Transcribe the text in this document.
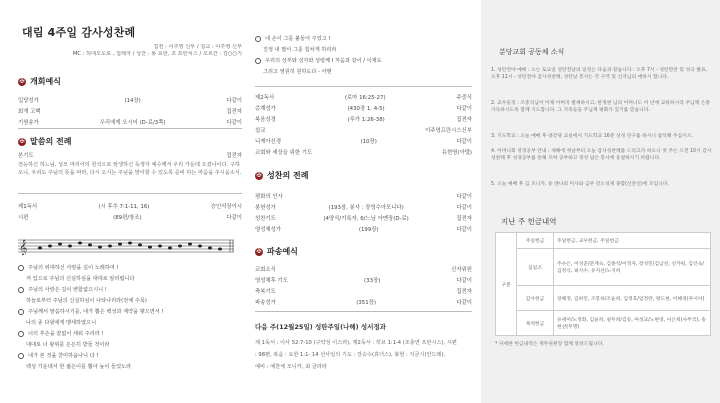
대림 4주일 감사성찬례
집전 : 이주영 신부 / 설교 : 이주영 신부
MC : 허대오도로 , 집례자 / 성찬 : 봉 효한, 조 프란치스 / 오르간 : 김○○기
✠ 개회예식
입당성가	(14장)	다같이
회개 고백	집전자
기원송가	우리에게 오시어 (D-료/3쪽)	다같이
✠ 말씀의 전례
본기도	집전자
전능하신 하느님, 성모 마리아의 원석으로 탄생하신 독생자 예수께서 우리 가운데 오셨나이다. 구하오니, 우리도 주님의 뜻을 따라, 다시 오시는 주님을 맞이할 수 있도록 준비 하는 마음을 주시옵소서.
제1독서	(시 후추 7:1-11, 16)	승인석장이시
시편	(89편/창조)	다같이
𝄞
주님의 위대하신 사랑을 길이 노래하여 !
저 입으로 주님의 신실하심을 대대로 알리렵니다
주님의 사랑은 길이 변함없으시니 !
하늘로부터 주님의 신실하심이 나타나리라(전체 주목)
주님께서 말씀하시기를, 내가 뽑은 백성과 계약을 맺으면서 !
나의 종 다윗에게 맹세하였으니
너의 후손을 끝없이 세워 주리라 !
대대로 너 왕위를 든든히 받들 것이라
내가 본 것을 찬미하옵나니 다 !
백성 가운데서 한 젊은이를 뽑아 높이 들었노라
내 손이 그를 붙들어 주었고 !
진정 내 팔이 그를 힘차게 하리라
우리의 성부와 성자와 성령께 I 처음과 같이 / 이제도
그리고 영원히 원하도다 - 아멘
제2독서	(로마 16:25-27)	주중식
층계성가	(430장 1, 4-5)	다같이
복음성경	(루가 1:26-38)	집전자
설교	이주영프란시스신부
니케아신경	(10장)	다같이
교회와 세상을 위한 기도	유현영(아델)
✠ 성찬의 전례
평화의 인사	다같이
봉헌성가	(193장, 봉사 : 장영수아모니다)	다같이
성찬기도	(4양식/기록자, 6/느님 아멘장(D-료)	집전자
영성체성가	(199장)	다같이
✠ 파송예식
교회소식	신자위원
영성체후 기도	(33장)	다같이
축복기도	집전자
파송성가	(351장)	다같이
다음 주(12월25일) 성탄주일(나해) 성서정과
제 1독서 : 이사 52:7-10 (구약성 이스라), 제2독서 : 히브 1:1-4 (조충연 프란시스), 시편
: 98편, 복음 : 요한 1:1- 14 선사임의 기도 : 강승수(휴녀스), 봉헌 : 지금시(안드레),
예비 : 예찬체 모니카, 최 클라라
분당교회 공동체 소식
1. 성탄전야 예배 : 오는 토요일 성탄전날의 일정은 다음과 같습니다 : 오후 7시 - 성탄만찬 및 성극 발표, 오후 11시 - 성탄전야 감사성찬례, 성탄날 봉사는 각 구역 및 신자님의 에바시 합니다.
2. 교우동정 : 조중식님이 어제 아버지 별세하시고, 한정현 님의 어머니도 이 년에 교류하시라 주님께 은총 가득하시도록 함께 기도합니다. 그 가족들을 주님께 평화가 있기를 믿습니다.
3. 기도학교 : 오늘 예배 후 대강당 교실에서 기도학교 16분 성경 연구를 하시니 참석해 주십시오.
4. 어머니회 성경공부 안내 : 새해에 첫날부터 오늘 감사성찬례를 드리고자 하오니 첫 주는 오전 10시 감사성찬례 후 성경공부를 통해 모여 공부하고 정성 담은 봉사에 동참하시기 바랍니다.
5. 오늘 예배 후 김 모니카, 송 엔나의 미사와 금주 강소성제 종합(신문선)에 모입니다.
지난 주 헌금내역
구분	주일헌금	주일헌금, 교우헌금, 주일헌금
	십일조	주수은, 어성준/문계숙, 김종석/이정자, 장성민/김남선, 신카워, 김인숙/김정식, 최지수, 유지선/노지희
	감사헌금	장혜정, 김하민, 조봉하/조윤희, 김정호/엄정란, 왕도현, 이혜경(루시아)
	목적헌금	유세이/노정화, 김윤희, 설두희/김동, 여성교/노현영, 이은희(사무국), 송현선(무명)
* 자세한 헌금내역은 재무위원장 함께 알려드립니다.
